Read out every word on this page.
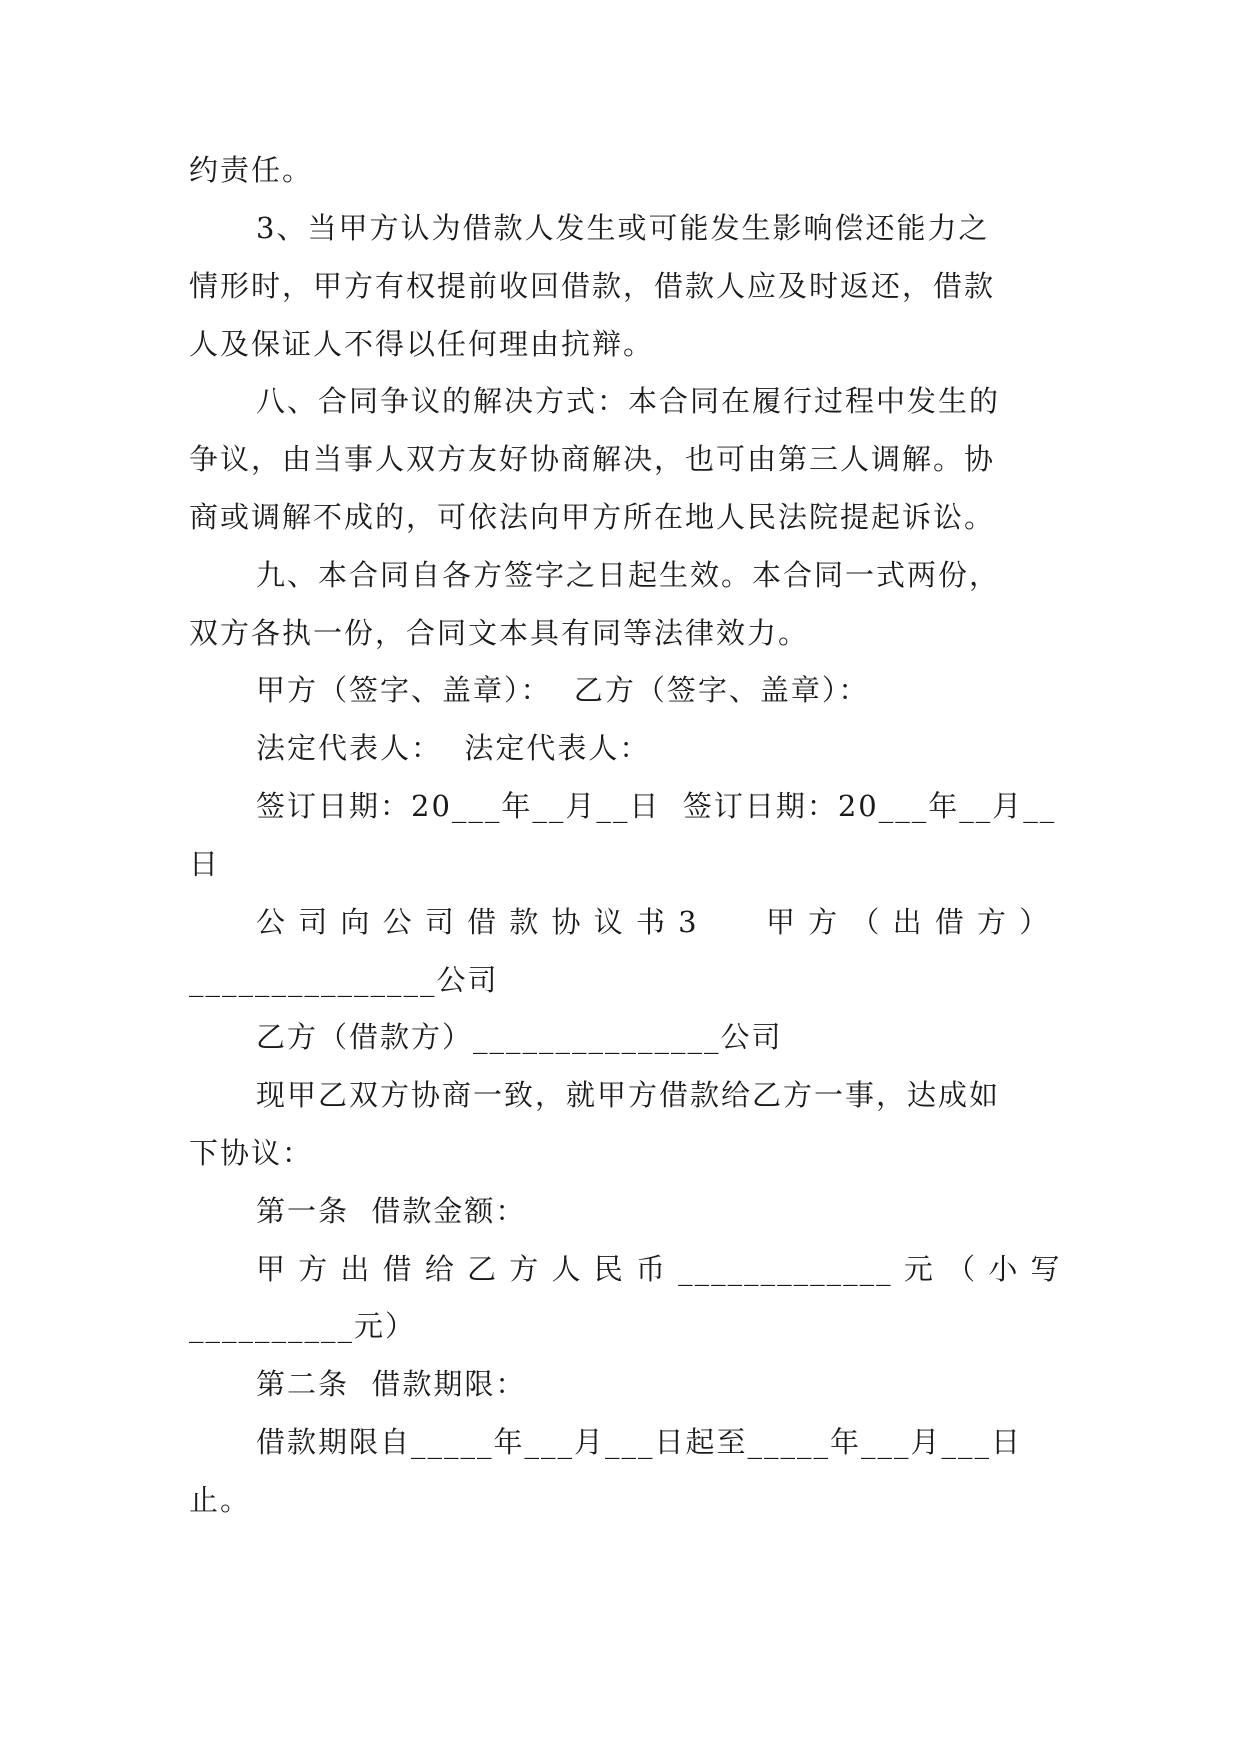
约责任。

3、当甲方认为借款人发生或可能发生影响偿还能力之

情形时，甲方有权提前收回借款，借款人应及时返还，借款

人及保证人不得以任何理由抗辩。

八、合同争议的解决方式：本合同在履行过程中发生的

争议，由当事人双方友好协商解决，也可由第三人调解。协

商或调解不成的，可依法向甲方所在地人民法院提起诉讼。

九、本合同自各方签字之日起生效。本合同一式两份，

双方各执一份，合同文本具有同等法律效力。

甲方（签字、盖章）：  乙方（签字、盖章）：

法定代表人：  法定代表人：

签订日期：20___年__月__日  签订日期：20___年__月__

日

公 司 向 公 司 借 款 协 议 书 3      甲 方 （ 出 借 方 ）

_______________公司

乙方（借款方）_______________公司

现甲乙双方协商一致，就甲方借款给乙方一事，达成如

下协议：

第一条  借款金额：

甲 方 出 借 给 乙 方 人 民 币 _____________ 元 （ 小 写

__________元）

第二条  借款期限：

借款期限自_____年___月___日起至_____年___月___日

止。
